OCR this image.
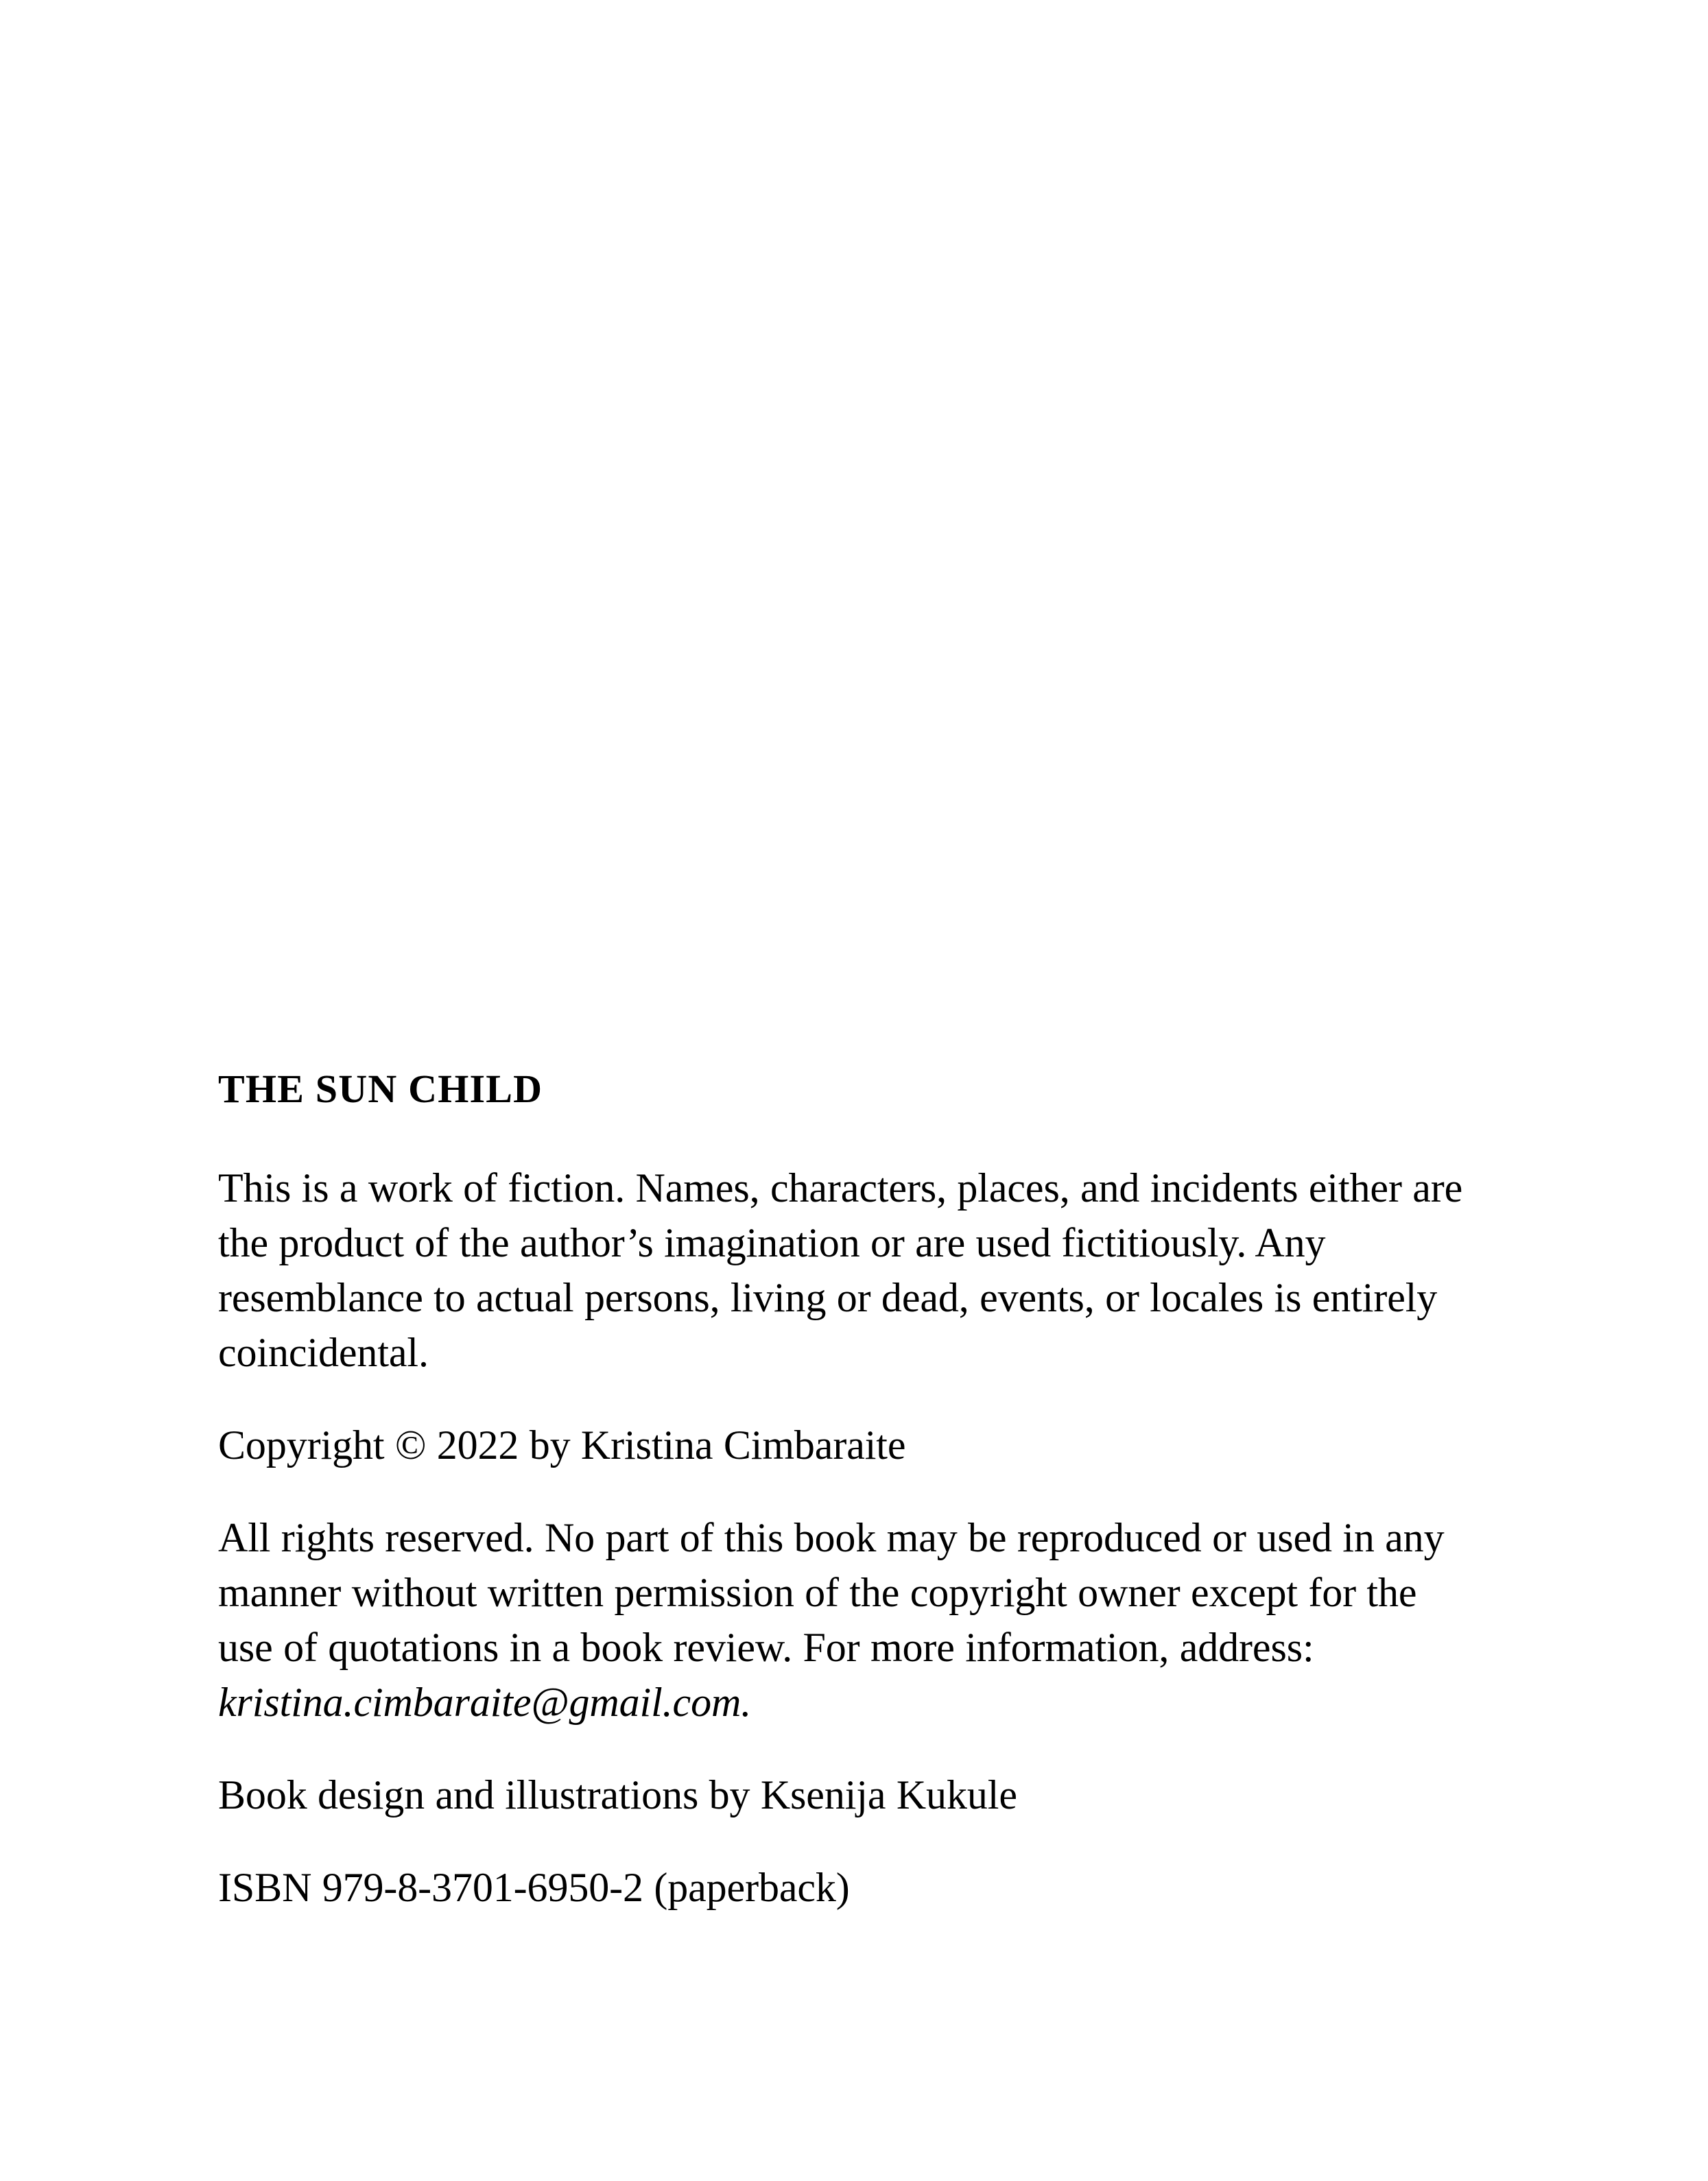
THE SUN CHILD

This is a work of fiction. Names, characters, places, and incidents either are the product of the author’s imagination or are used fictitiously. Any resemblance to actual persons, living or dead, events, or locales is entirely coincidental.

Copyright © 2022 by Kristina Cimbaraite

All rights reserved. No part of this book may be reproduced or used in any manner without written permission of the copyright owner except for the use of quotations in a book review. For more information, address: kristina.cimbaraite@gmail.com.

Book design and illustrations by Ksenija Kukule

ISBN 979-8-3701-6950-2 (paperback)
